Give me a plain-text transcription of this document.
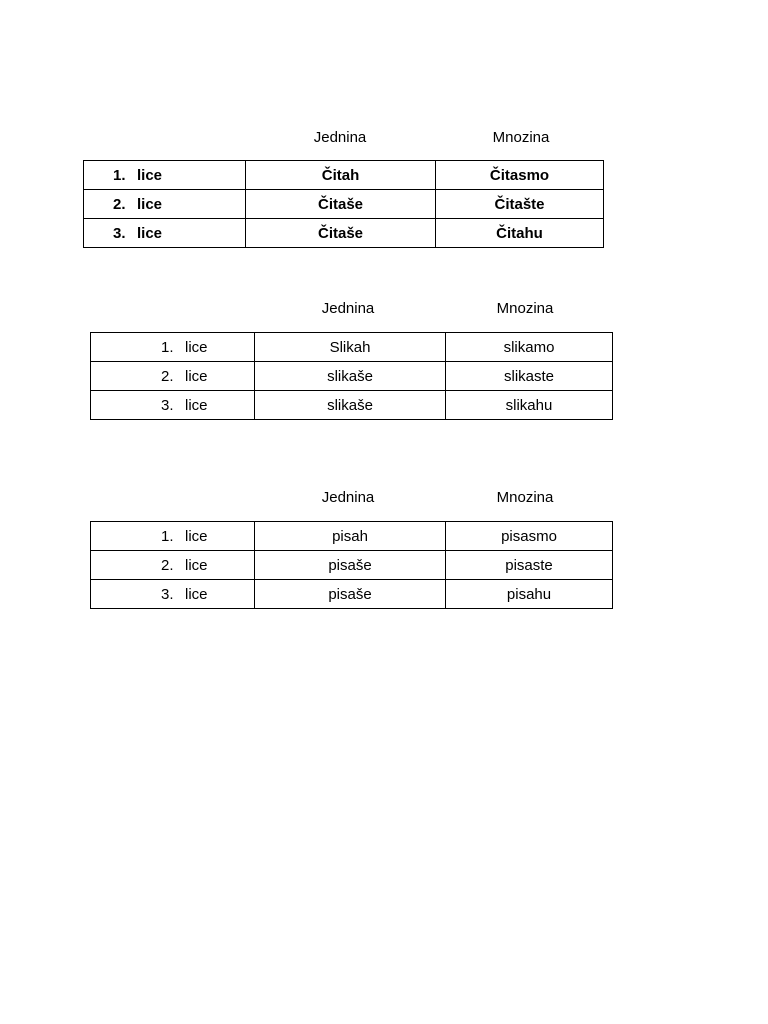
Jednina	Mnozina
1. lice	Čitah	Čitasmo
2. lice	Čitaše	Čitašte
3. lice	Čitaše	Čitahu
Jednina	Mnozina
1. lice	Slikah	slikamo
2. lice	slikaše	slikaste
3. lice	slikaše	slikahu
Jednina	Mnozina
1. lice	pisah	pisasmo
2. lice	pisaše	pisaste
3. lice	pisaše	pisahu
